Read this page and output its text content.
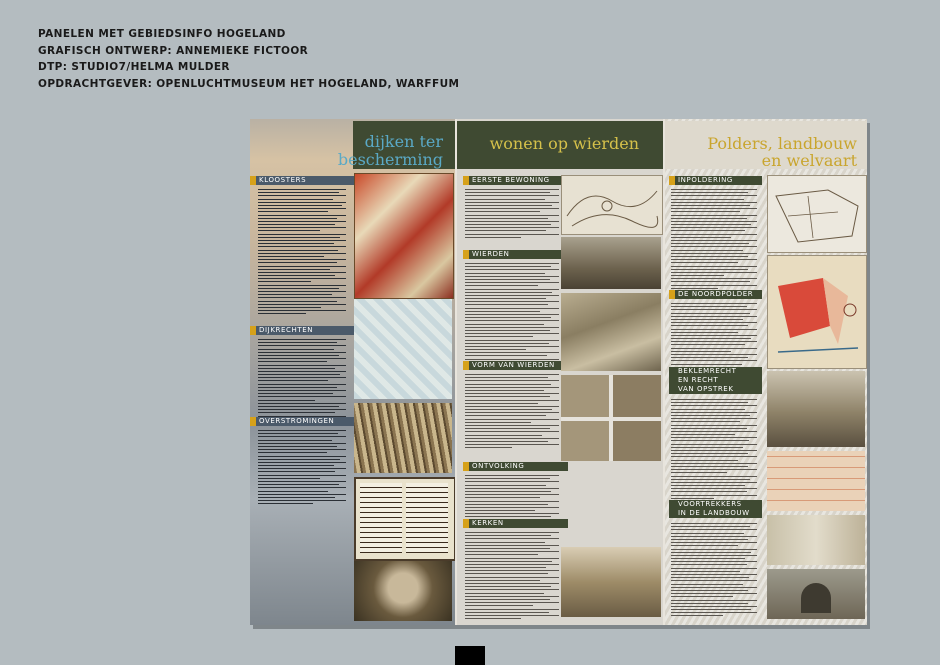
PANELEN MET GEBIEDSINFO HOGELAND
GRAFISCH ONTWERP: ANNEMIEKE FICTOOR
DTP: STUDIO7/HELMA MULDER
OPDRACHTGEVER: OPENLUCHTMUSEUM HET HOGELAND, WARFFUM
dijken ter
bescherming
KLOOSTERS
DIJKRECHTEN
OVERSTROMINGEN
wonen op wierden
EERSTE BEWONING
WIERDEN
VORM VAN WIERDEN
ONTVOLKING
KERKEN
Polders, landbouw
en welvaart
INPOLDERING
DE NOORDPOLDER
BEKLEMRECHT
EN RECHT
VAN OPSTREK
VOORTREKKERS
IN DE LANDBOUW
